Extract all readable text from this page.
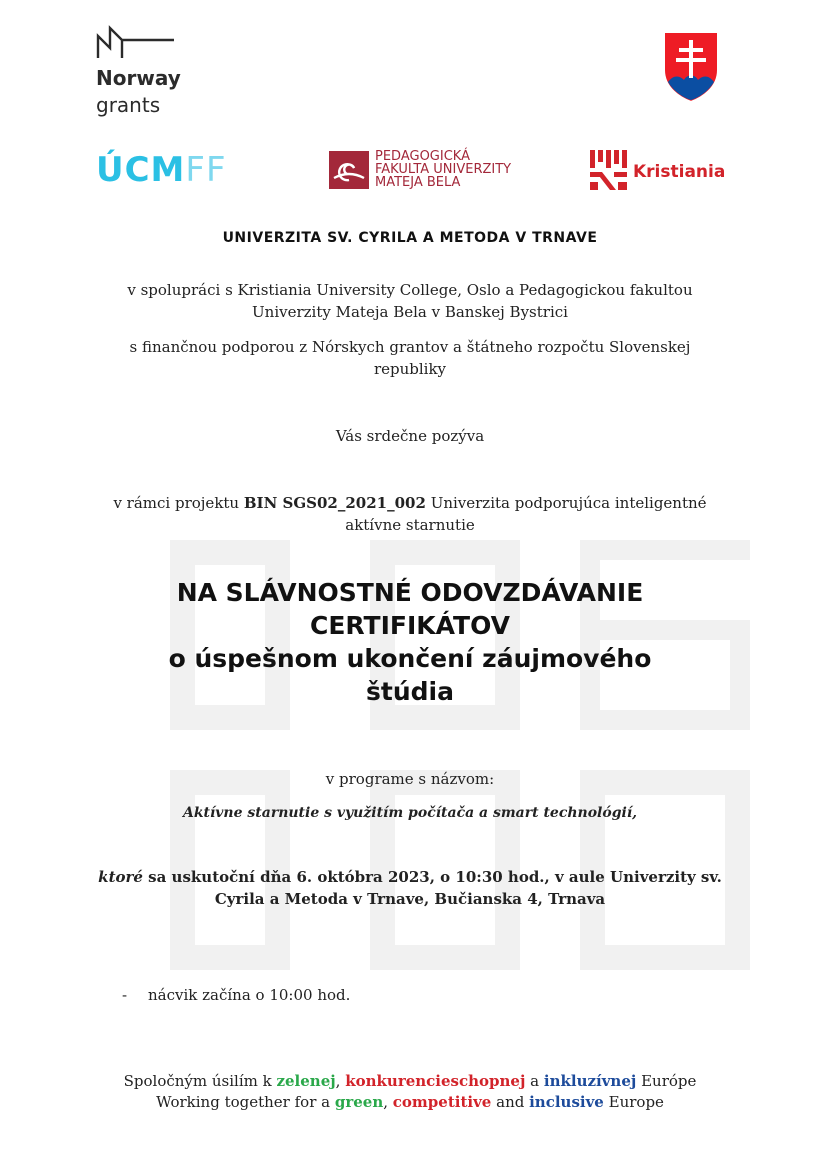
Norway
grants
ÚCMFF	PEDAGOGICKÁ
FAKULTA UNIVERZITY
MATEJA BELA
Kristiania
UNIVERZITA SV. CYRILA A METODA V TRNAVE
v spolupráci s Kristiania University College, Oslo a Pedagogickou fakultou
Univerzity Mateja Bela v Banskej Bystrici
s finančnou podporou z Nórskych grantov a štátneho rozpočtu Slovenskej
republiky
Vás srdečne pozýva
v rámci projektu BIN SGS02_2021_002 Univerzita podporujúca inteligentné
aktívne starnutie
NA SLÁVNOSTNÉ ODOVZDÁVANIE
CERTIFIKÁTOV
o úspešnom ukončení záujmového
štúdia
v programe s názvom:
Aktívne starnutie s využitím počítača a smart technológií,
ktoré sa uskutoční dňa 6. októbra 2023, o 10:30 hod., v aule Univerzity sv.
Cyrila a Metoda v Trnave, Bučianska 4, Trnava
- nácvik začína o 10:00 hod.
Spoločným úsilím k zelenej, konkurencieschopnej a inkluzívnej Európe
Working together for a green, competitive and inclusive Europe
